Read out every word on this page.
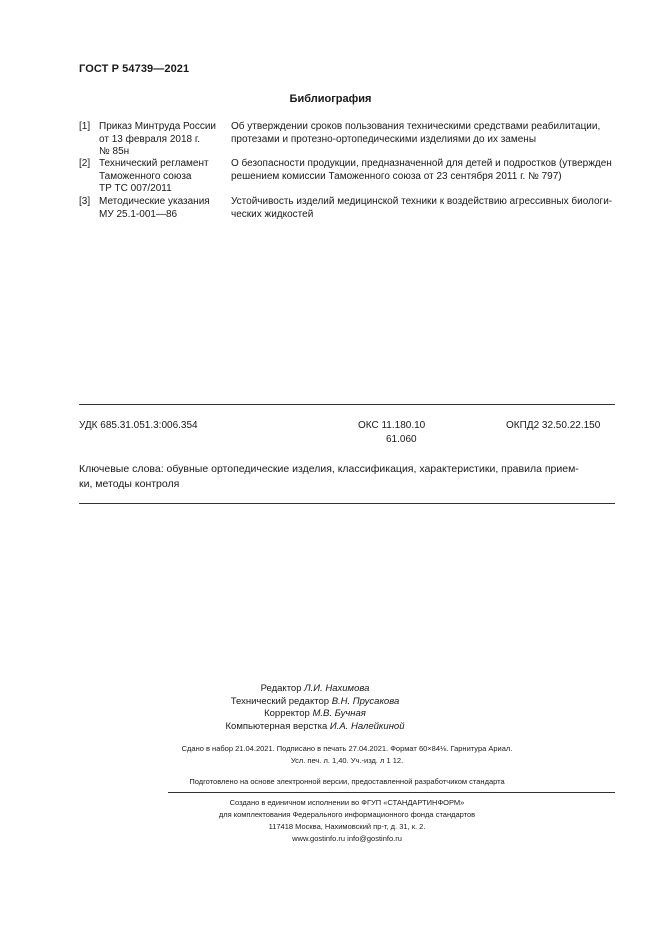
ГОСТ Р 54739—2021
Библиография
[1] Приказ Минтруда России
от 13 февраля 2018 г.
№ 85н
Об утверждении сроков пользования техническими средствами реабилитации,
протезами и протезно-ортопедическими изделиями до их замены
[2] Технический регламент
Таможенного союза
ТР ТС 007/2011
О безопасности продукции, предназначенной для детей и подростков (утвержден
решением комиссии Таможенного союза от 23 сентября 2011 г. № 797)
[3] Методические указания
МУ 25.1-001—86
Устойчивость изделий медицинской техники к воздействию агрессивных биологи-
ческих жидкостей
УДК 685.31.051.3:006.354	ОКС 11.180.10
61.060
ОКПД2 32.50.22.150
Ключевые слова: обувные ортопедические изделия, классификация, характеристики, правила прием-
ки, методы контроля
Редактор Л.И. Нахимова
Технический редактор В.Н. Прусакова
Корректор М.В. Бучная
Компьютерная верстка И.А. Налейкиной
Сдано в набор 21.04.2021. Подписано в печать 27.04.2021. Формат 60×84⅛. Гарнитура Ариал.
Усл. печ. л. 1,40. Уч.-изд. л 1 12.
Подготовлено на основе электронной версии, предоставленной разработчиком стандарта
Создано в единичном исполнении во ФГУП «СТАНДАРТИНФОРМ»
для комплектования Федерального информационного фонда стандартов
117418 Москва, Нахимовский пр-т, д. 31, к. 2.
www.gostinfo.ru info@gostinfo.ru
